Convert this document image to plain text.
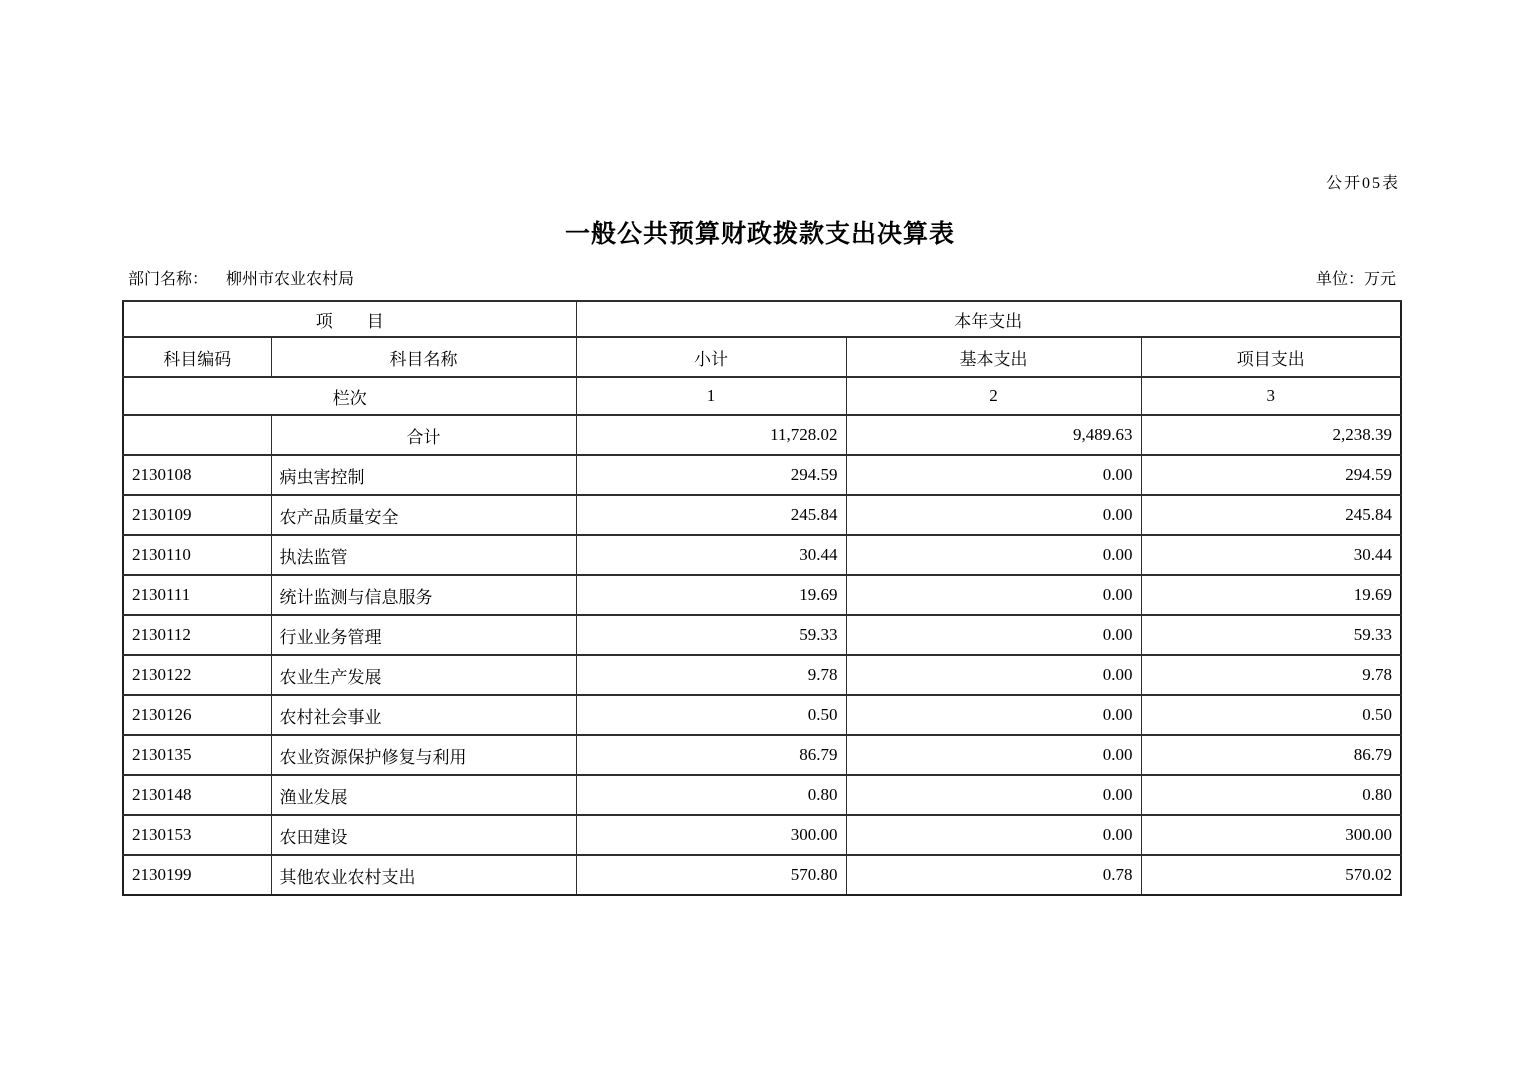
公开05表
一般公共预算财政拨款支出决算表
部门名称： 柳州市农业农村局	单位：万元
项　　目		本年支出		
科目编码	科目名称	小计	基本支出	项目支出
栏次		1	2	3
	合计	11,728.02	9,489.63	2,238.39
2130108	病虫害控制	294.59	0.00	294.59
2130109	农产品质量安全	245.84	0.00	245.84
2130110	执法监管	30.44	0.00	30.44
2130111	统计监测与信息服务	19.69	0.00	19.69
2130112	行业业务管理	59.33	0.00	59.33
2130122	农业生产发展	9.78	0.00	9.78
2130126	农村社会事业	0.50	0.00	0.50
2130135	农业资源保护修复与利用	86.79	0.00	86.79
2130148	渔业发展	0.80	0.00	0.80
2130153	农田建设	300.00	0.00	300.00
2130199	其他农业农村支出	570.80	0.78	570.02
